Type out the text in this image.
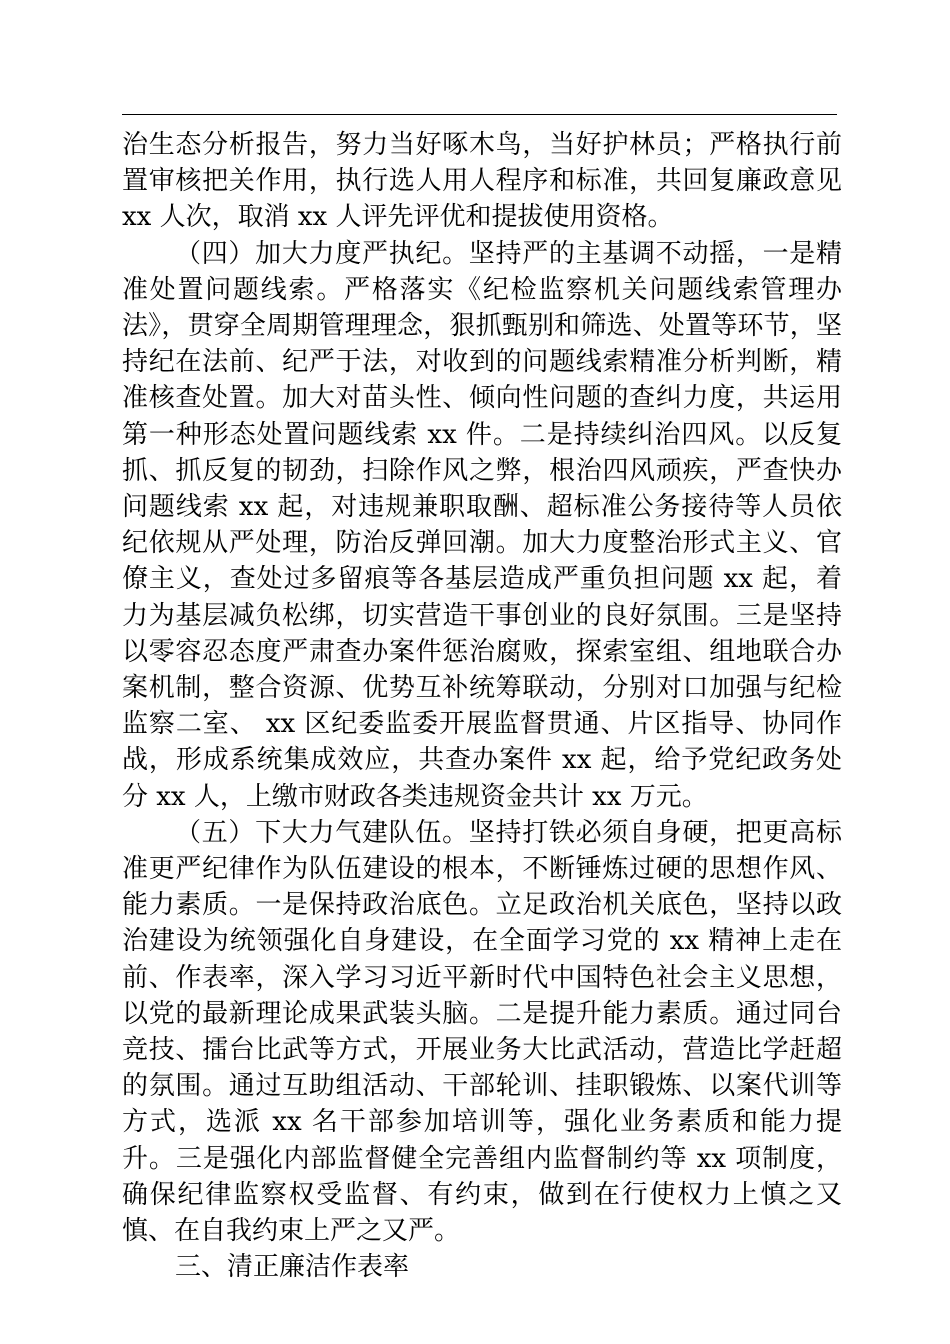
治生态分析报告，努力当好啄木鸟，当好护林员；严格执行前置审核把关作用，执行选人用人程序和标准，共回复廉政意见 xx 人次，取消 xx 人评先评优和提拔使用资格。

（四）加大力度严执纪。坚持严的主基调不动摇，一是精准处置问题线索。严格落实《纪检监察机关问题线索管理办法》，贯穿全周期管理理念，狠抓甄别和筛选、处置等环节，坚持纪在法前、纪严于法，对收到的问题线索精准分析判断，精准核查处置。加大对苗头性、倾向性问题的查纠力度，共运用第一种形态处置问题线索 xx 件。二是持续纠治四风。以反复抓、抓反复的韧劲，扫除作风之弊，根治四风顽疾，严查快办问题线索 xx 起，对违规兼职取酬、超标准公务接待等人员依纪依规从严处理，防治反弹回潮。加大力度整治形式主义、官僚主义，查处过多留痕等各基层造成严重负担问题 xx 起，着力为基层减负松绑，切实营造干事创业的良好氛围。三是坚持以零容忍态度严肃查办案件惩治腐败，探索室组、组地联合办案机制，整合资源、优势互补统筹联动，分别对口加强与纪检监察二室、 xx 区纪委监委开展监督贯通、片区指导、协同作战，形成系统集成效应，共查办案件 xx 起，给予党纪政务处分 xx 人，上缴市财政各类违规资金共计 xx 万元。

（五）下大力气建队伍。坚持打铁必须自身硬，把更高标准更严纪律作为队伍建设的根本，不断锤炼过硬的思想作风、能力素质。一是保持政治底色。立足政治机关底色，坚持以政治建设为统领强化自身建设，在全面学习党的 xx 精神上走在前、作表率，深入学习习近平新时代中国特色社会主义思想，以党的最新理论成果武装头脑。二是提升能力素质。通过同台竞技、擂台比武等方式，开展业务大比武活动，营造比学赶超的氛围。通过互助组活动、干部轮训、挂职锻炼、以案代训等方式，选派 xx 名干部参加培训等，强化业务素质和能力提升。三是强化内部监督健全完善组内监督制约等 xx 项制度，确保纪律监察权受监督、有约束，做到在行使权力上慎之又慎、在自我约束上严之又严。

三、清正廉洁作表率
